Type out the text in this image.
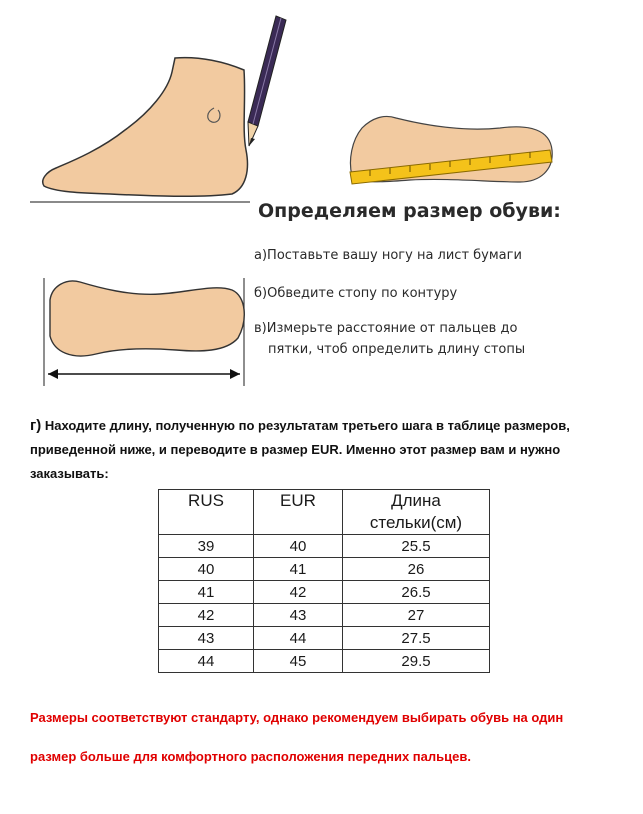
Определяем размер обуви:
а)Поставьте вашу ногу на лист бумаги
б)Обведите стопу по контуру
в)Измерьте расстояние от пальцев до
пятки, чтоб определить длину стопы
г) Находите длину, полученную по результатам третьего шага в таблице размеров,
приведенной ниже, и переводите в размер EUR. Именно этот размер вам и нужно
заказывать:
RUS	EUR	Длина
стельки(см)
39	40	25.5
40	41	26
41	42	26.5
42	43	27
43	44	27.5
44	45	29.5
Размеры соответствуют стандарту, однако рекомендуем выбирать обувь на один
размер больше для комфортного расположения передних пальцев.
